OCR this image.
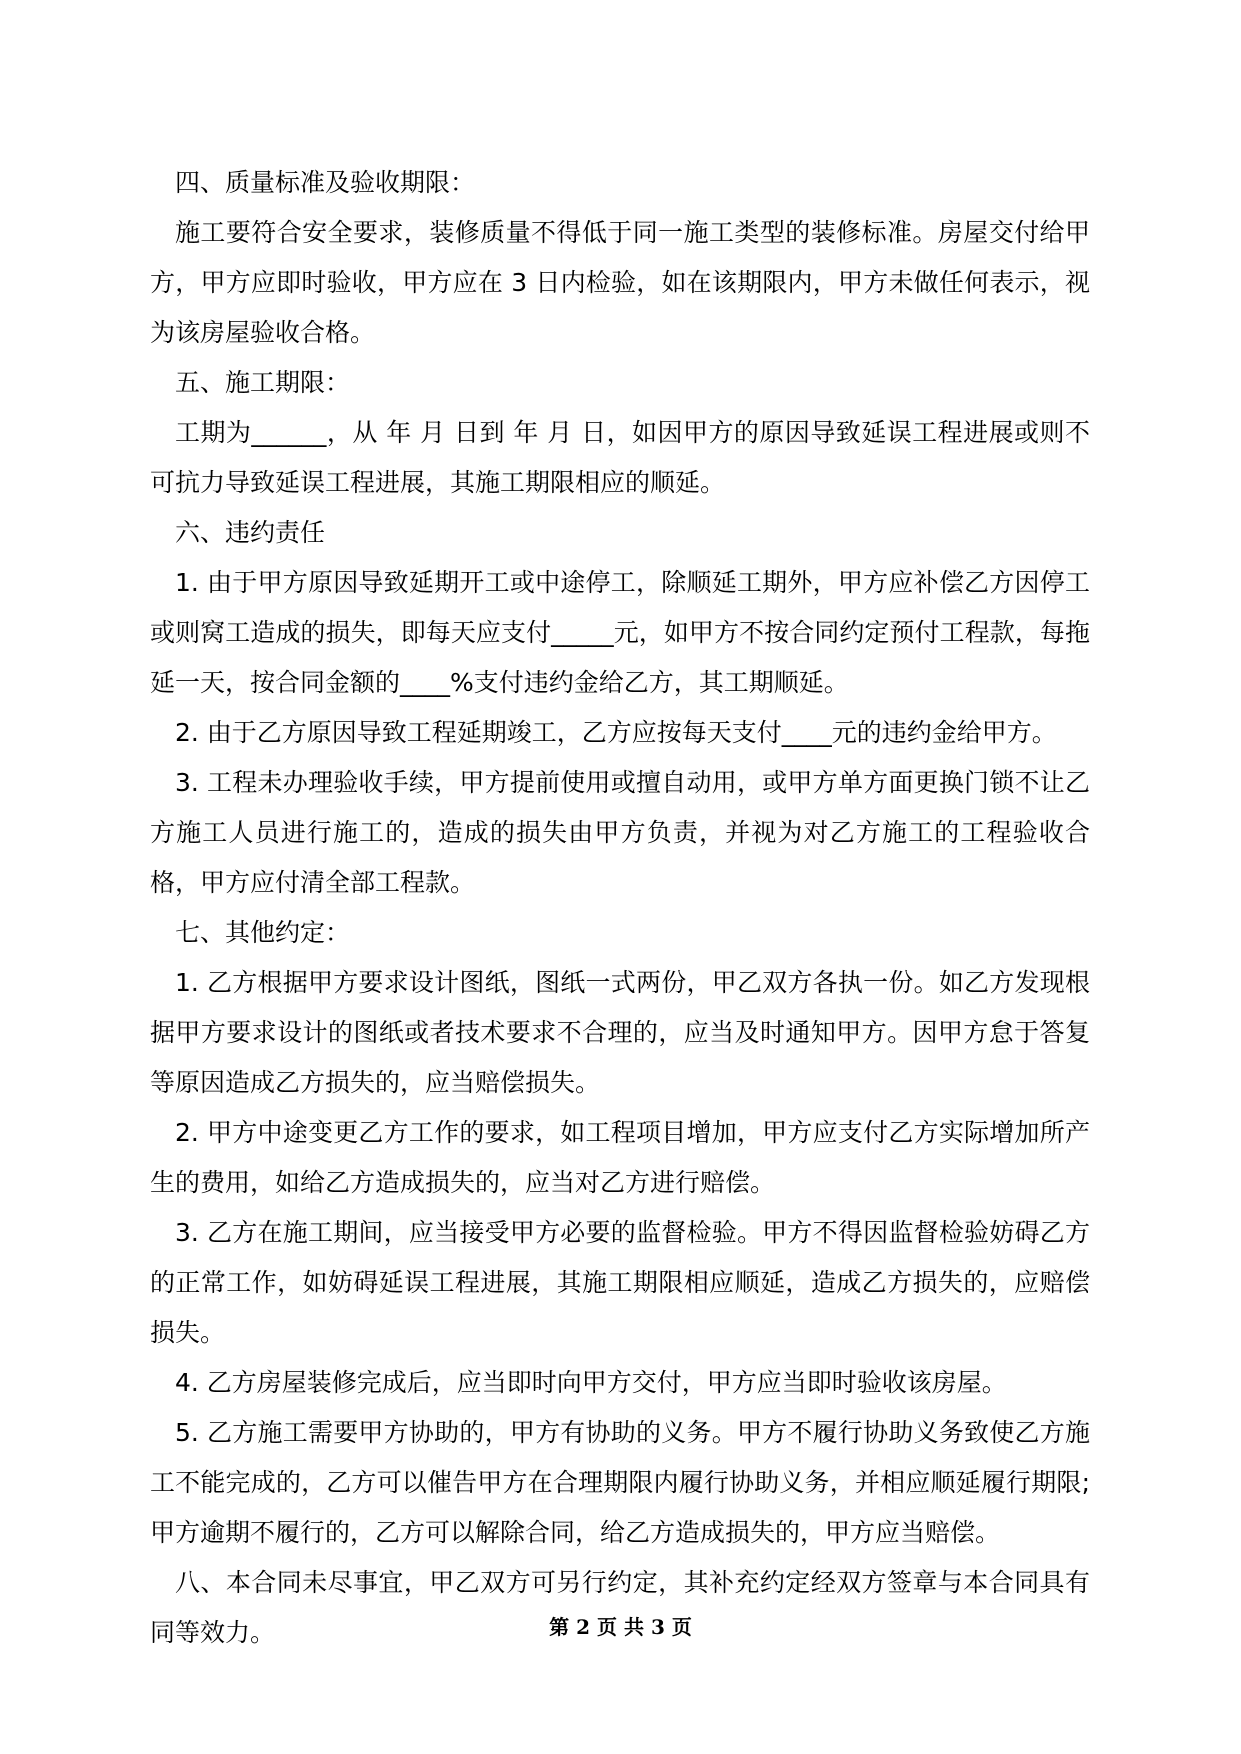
四、质量标准及验收期限：

施工要符合安全要求，装修质量不得低于同一施工类型的装修标准。房屋交付给甲方，甲方应即时验收，甲方应在 3 日内检验，如在该期限内，甲方未做任何表示，视为该房屋验收合格。

五、施工期限：

工期为______，从 年 月 日到 年 月 日，如因甲方的原因导致延误工程进展或则不可抗力导致延误工程进展，其施工期限相应的顺延。

六、违约责任

1. 由于甲方原因导致延期开工或中途停工，除顺延工期外，甲方应补偿乙方因停工或则窝工造成的损失，即每天应支付_____元，如甲方不按合同约定预付工程款，每拖延一天，按合同金额的____%支付违约金给乙方，其工期顺延。

2. 由于乙方原因导致工程延期竣工，乙方应按每天支付____元的违约金给甲方。

3. 工程未办理验收手续，甲方提前使用或擅自动用，或甲方单方面更换门锁不让乙方施工人员进行施工的，造成的损失由甲方负责，并视为对乙方施工的工程验收合格，甲方应付清全部工程款。

七、其他约定：

1. 乙方根据甲方要求设计图纸，图纸一式两份，甲乙双方各执一份。如乙方发现根据甲方要求设计的图纸或者技术要求不合理的，应当及时通知甲方。因甲方怠于答复等原因造成乙方损失的，应当赔偿损失。

2. 甲方中途变更乙方工作的要求，如工程项目增加，甲方应支付乙方实际增加所产生的费用，如给乙方造成损失的，应当对乙方进行赔偿。

3. 乙方在施工期间，应当接受甲方必要的监督检验。甲方不得因监督检验妨碍乙方的正常工作，如妨碍延误工程进展，其施工期限相应顺延，造成乙方损失的，应赔偿损失。

4. 乙方房屋装修完成后，应当即时向甲方交付，甲方应当即时验收该房屋。

5. 乙方施工需要甲方协助的，甲方有协助的义务。甲方不履行协助义务致使乙方施工不能完成的，乙方可以催告甲方在合理期限内履行协助义务，并相应顺延履行期限;甲方逾期不履行的，乙方可以解除合同，给乙方造成损失的，甲方应当赔偿。

八、本合同未尽事宜，甲乙双方可另行约定，其补充约定经双方签章与本合同具有同等效力。	第 2 页 共 3 页
